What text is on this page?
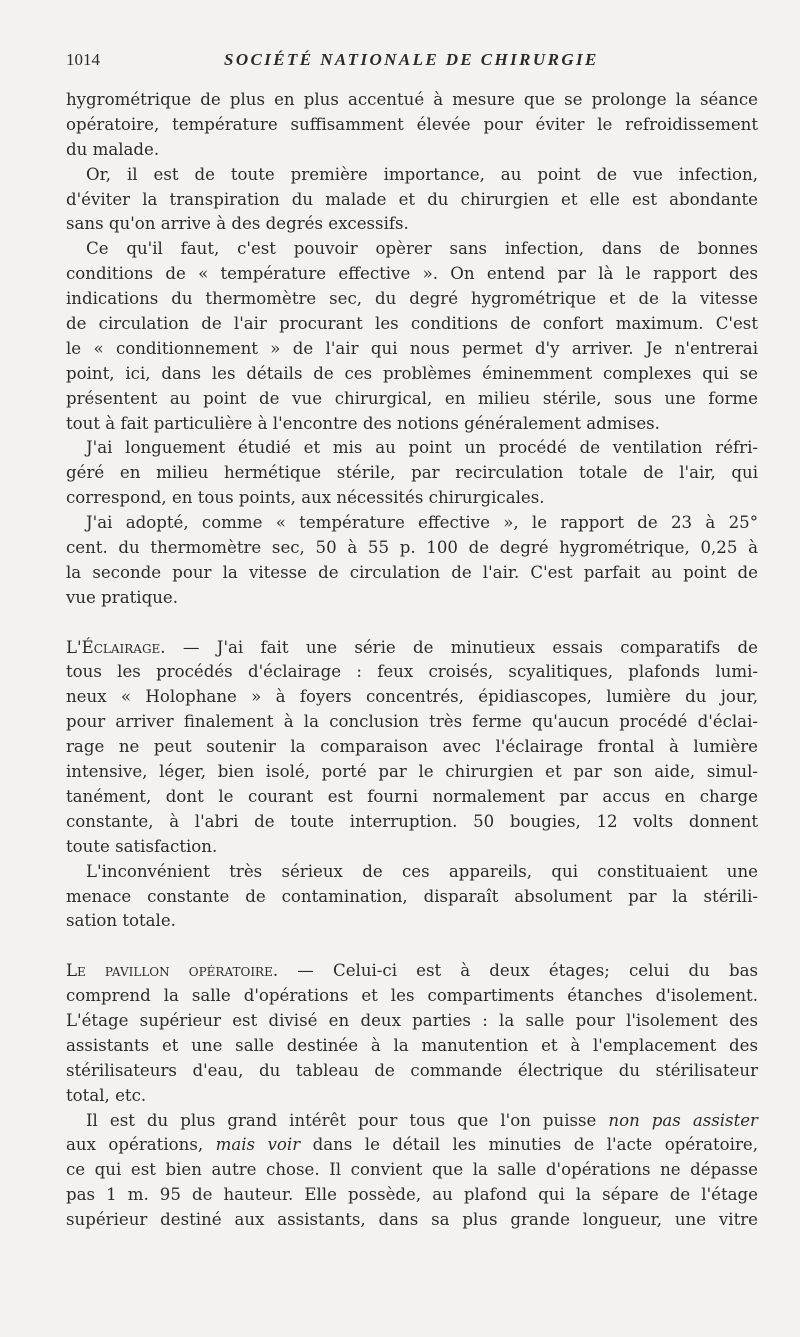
1014	SOCIÉTÉ NATIONALE DE CHIRURGIE
hygrométrique de plus en plus accentué à mesure que se prolonge la séance
opératoire, température suffisamment élevée pour éviter le refroidissement
du malade.
Or, il est de toute première importance, au point de vue infection,
d'éviter la transpiration du malade et du chirurgien et elle est abondante
sans qu'on arrive à des degrés excessifs.
Ce qu'il faut, c'est pouvoir opèrer sans infection, dans de bonnes
conditions de « température effective ». On entend par là le rapport des
indications du thermomètre sec, du degré hygrométrique et de la vitesse
de circulation de l'air procurant les conditions de confort maximum. C'est
le « conditionnement » de l'air qui nous permet d'y arriver. Je n'entrerai
point, ici, dans les détails de ces problèmes éminemment complexes qui se
présentent au point de vue chirurgical, en milieu stérile, sous une forme
tout à fait particulière à l'encontre des notions généralement admises.
J'ai longuement étudié et mis au point un procédé de ventilation réfri-
géré en milieu hermétique stérile, par recirculation totale de l'air, qui
correspond, en tous points, aux nécessités chirurgicales.
J'ai adopté, comme « température effective », le rapport de 23 à 25°
cent. du thermomètre sec, 50 à 55 p. 100 de degré hygrométrique, 0,25 à
la seconde pour la vitesse de circulation de l'air. C'est parfait au point de
vue pratique.
L'Éclairage. — J'ai fait une série de minutieux essais comparatifs de
tous les procédés d'éclairage : feux croisés, scyalitiques, plafonds lumi-
neux « Holophane » à foyers concentrés, épidiascopes, lumière du jour,
pour arriver finalement à la conclusion très ferme qu'aucun procédé d'éclai-
rage ne peut soutenir la comparaison avec l'éclairage frontal à lumière
intensive, léger, bien isolé, porté par le chirurgien et par son aide, simul-
tanément, dont le courant est fourni normalement par accus en charge
constante, à l'abri de toute interruption. 50 bougies, 12 volts donnent
toute satisfaction.
L'inconvénient très sérieux de ces appareils, qui constituaient une
menace constante de contamination, disparaît absolument par la stérili-
sation totale.
Le pavillon opératoire. — Celui-ci est à deux étages; celui du bas
comprend la salle d'opérations et les compartiments étanches d'isolement.
L'étage supérieur est divisé en deux parties : la salle pour l'isolement des
assistants et une salle destinée à la manutention et à l'emplacement des
stérilisateurs d'eau, du tableau de commande électrique du stérilisateur
total, etc.
Il est du plus grand intérêt pour tous que l'on puisse non pas assister
aux opérations, mais voir dans le détail les minuties de l'acte opératoire,
ce qui est bien autre chose. Il convient que la salle d'opérations ne dépasse
pas 1 m. 95 de hauteur. Elle possède, au plafond qui la sépare de l'étage
supérieur destiné aux assistants, dans sa plus grande longueur, une vitre
